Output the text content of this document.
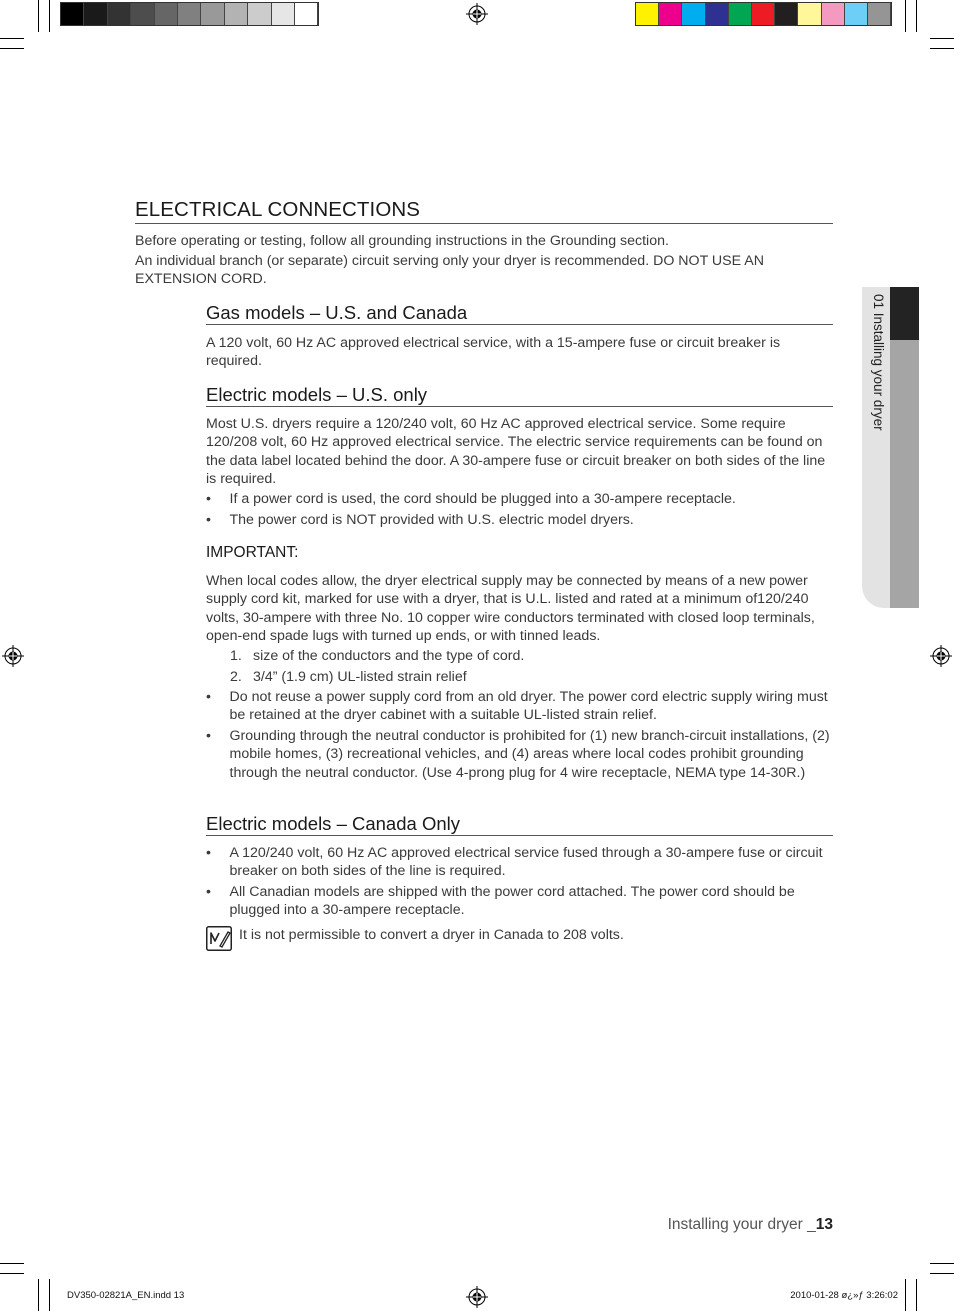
01 Installing your dryer
ELECTRICAL CONNECTIONS

Before operating or testing, follow all grounding instructions in the Grounding section.

An individual branch (or separate) circuit serving only your dryer is recommended. DO NOT USE AN EXTENSION CORD.

Gas models – U.S. and Canada

A 120 volt, 60 Hz AC approved electrical service, with a 15-ampere fuse or circuit breaker is required.

Electric models – U.S. only

Most U.S. dryers require a 120/240 volt, 60 Hz AC approved electrical service. Some require 120/208 volt, 60 Hz approved electrical service. The electric service requirements can be found on the data label located behind the door. A 30-ampere fuse or circuit breaker on both sides of the line is required.

•	If a power cord is used, the cord should be plugged into a 30-ampere receptacle.
•	The power cord is NOT provided with U.S. electric model dryers.
IMPORTANT:

When local codes allow, the dryer electrical supply may be connected by means of a new power supply cord kit, marked for use with a dryer, that is U.L. listed and rated at a minimum of120/240 volts, 30-ampere with three No. 10 copper wire conductors terminated with closed loop terminals, open-end spade lugs with turned up ends, or with tinned leads.

1. size of the conductors and the type of cord.
2. 3/4” (1.9 cm) UL-listed strain relief
•	Do not reuse a power supply cord from an old dryer. The power cord electric supply wiring must be retained at the dryer cabinet with a suitable UL-listed strain relief.
•	Grounding through the neutral conductor is prohibited for (1) new branch-circuit installations, (2) mobile homes, (3) recreational vehicles, and (4) areas where local codes prohibit grounding through the neutral conductor. (Use 4-prong plug for 4 wire receptacle, NEMA type 14-30R.)
Electric models – Canada Only
•	A 120/240 volt, 60 Hz AC approved electrical service fused through a 30-ampere fuse or circuit breaker on both sides of the line is required.
•	All Canadian models are shipped with the power cord attached. The power cord should be plugged into a 30-ampere receptacle.

It is not permissible to convert a dryer in Canada to 208 volts.

Installing your dryer _13
DV350-02821A_EN.indd 13	2010-01-28 ø¿»ƒ 3:26:02
